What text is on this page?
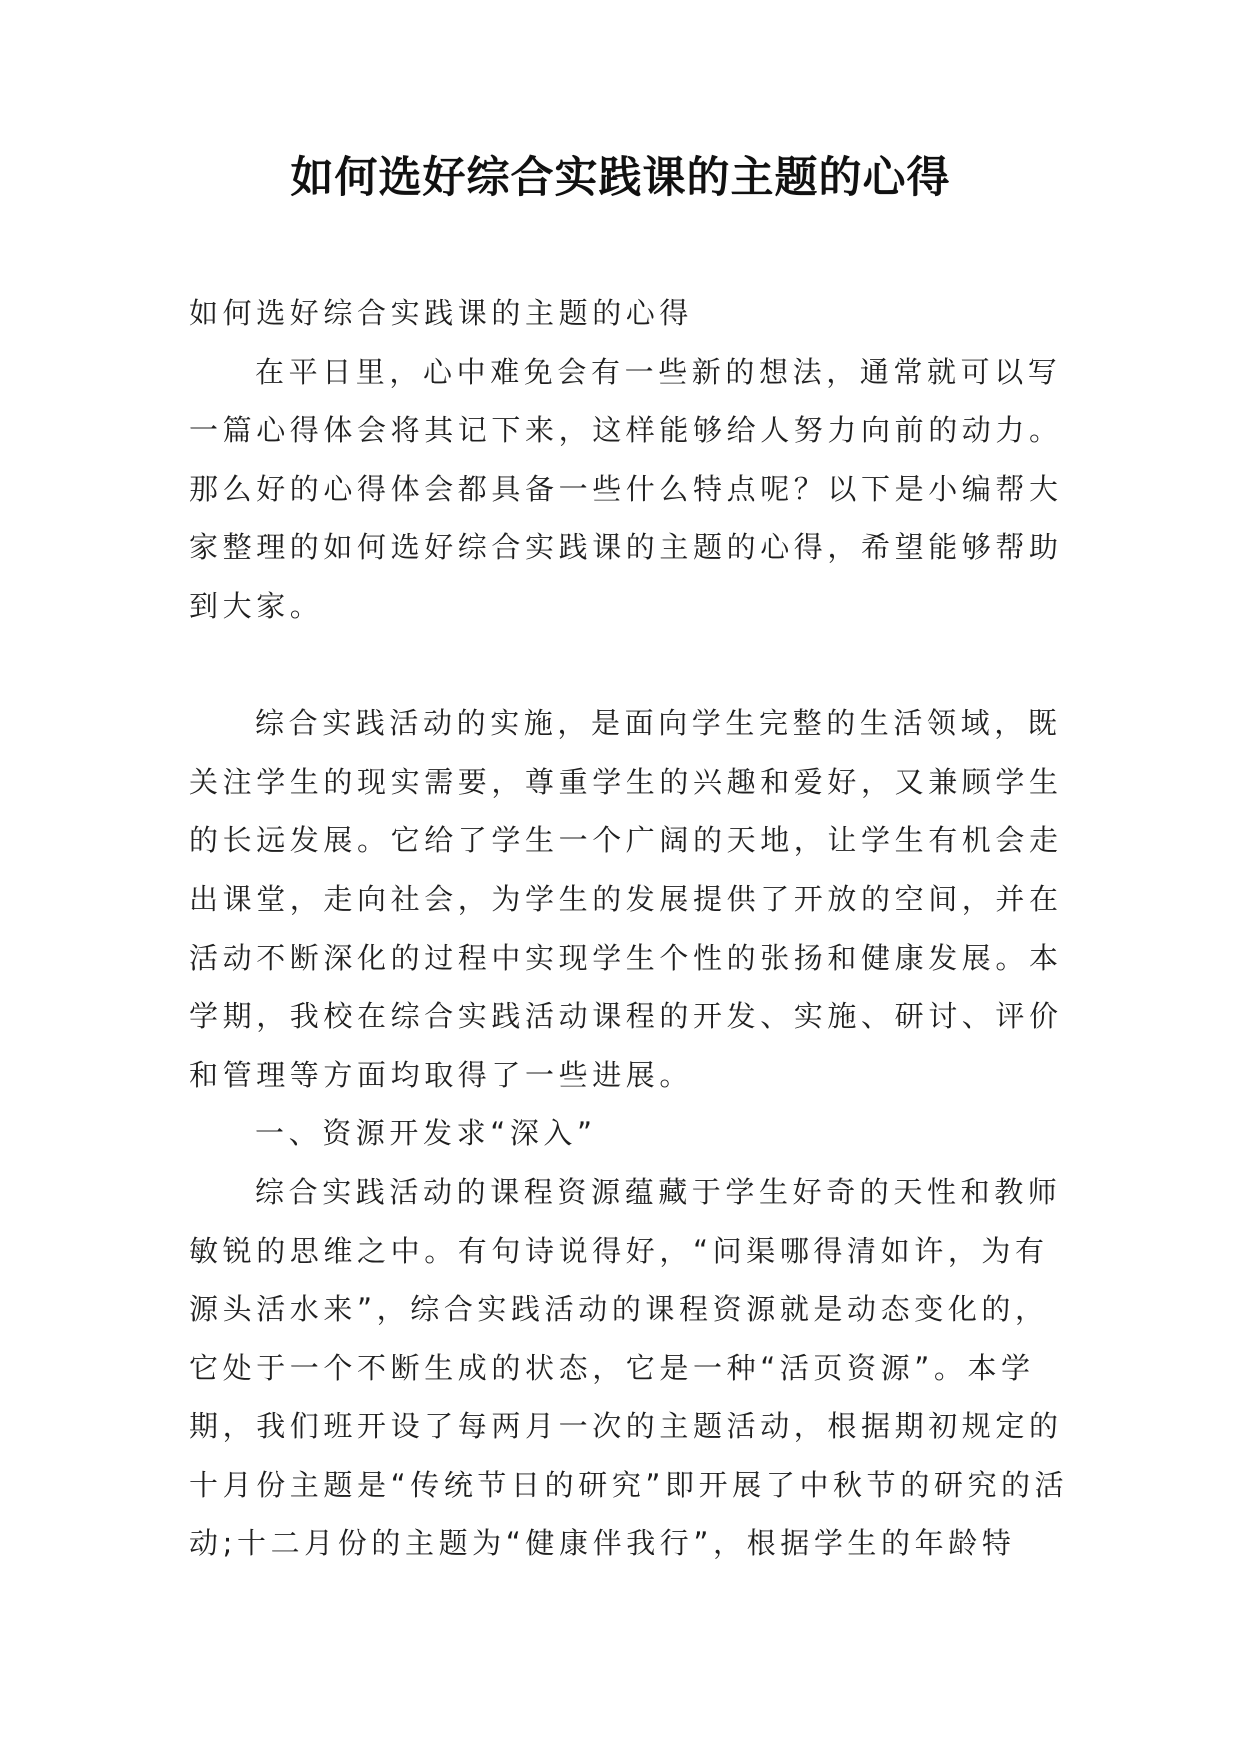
如何选好综合实践课的主题的心得

如何选好综合实践课的主题的心得

在平日里，心中难免会有一些新的想法，通常就可以写一篇心得体会将其记下来，这样能够给人努力向前的动力。那么好的心得体会都具备一些什么特点呢？以下是小编帮大家整理的如何选好综合实践课的主题的心得，希望能够帮助到大家。

综合实践活动的实施，是面向学生完整的生活领域，既关注学生的现实需要，尊重学生的兴趣和爱好，又兼顾学生的长远发展。它给了学生一个广阔的天地，让学生有机会走出课堂，走向社会，为学生的发展提供了开放的空间，并在活动不断深化的过程中实现学生个性的张扬和健康发展。本学期，我校在综合实践活动课程的开发、实施、研讨、评价和管理等方面均取得了一些进展。

一、资源开发求“深入”

综合实践活动的课程资源蕴藏于学生好奇的天性和教师敏锐的思维之中。有句诗说得好，“问渠哪得清如许，为有源头活水来”，综合实践活动的课程资源就是动态变化的，它处于一个不断生成的状态，它是一种“活页资源”。本学期，我们班开设了每两月一次的主题活动，根据期初规定的十月份主题是“传统节日的研究”即开展了中秋节的研究的活动;十二月份的主题为“健康伴我行”，根据学生的年龄特
